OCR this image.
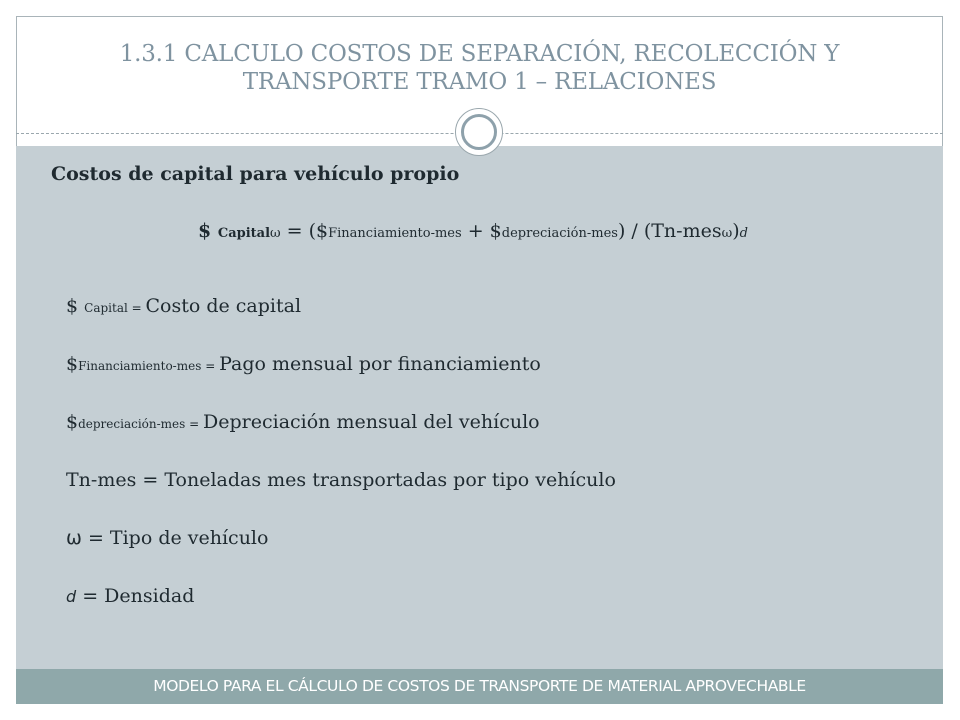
1.3.1 CALCULO COSTOS DE SEPARACIÓN, RECOLECCIÓN Y
TRANSPORTE TRAMO 1 – RELACIONES
Costos de capital para vehículo propio
$ Capitalω = ($Financiamiento-mes + $depreciación-mes) / (Tn-mesω)d
$ Capital = Costo de capital
$Financiamiento-mes = Pago mensual por financiamiento
$depreciación-mes = Depreciación mensual del vehículo
Tn-mes = Toneladas mes transportadas por tipo vehículo
ω = Tipo de vehículo
d = Densidad
MODELO PARA EL CÁLCULO DE COSTOS DE TRANSPORTE DE MATERIAL APROVECHABLE
